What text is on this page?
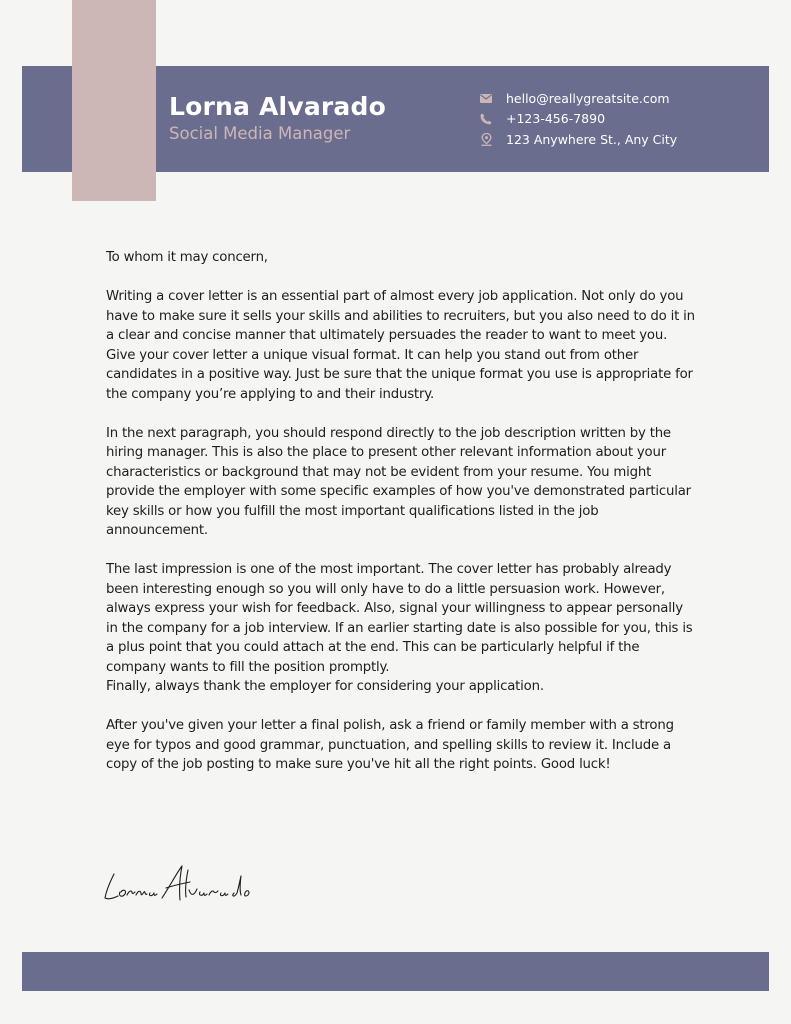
Lorna Alvarado
Social Media Manager
hello@reallygreatsite.com
+123-456-7890
123 Anywhere St., Any City

To whom it may concern,

Writing a cover letter is an essential part of almost every job application. Not only do you have to make sure it sells your skills and abilities to recruiters, but you also need to do it in a clear and concise manner that ultimately persuades the reader to want to meet you.

Give your cover letter a unique visual format. It can help you stand out from other candidates in a positive way. Just be sure that the unique format you use is appropriate for the company you’re applying to and their industry.

In the next paragraph, you should respond directly to the job description written by the hiring manager. This is also the place to present other relevant information about your characteristics or background that may not be evident from your resume. You might provide the employer with some specific examples of how you've demonstrated particular key skills or how you fulfill the most important qualifications listed in the job announcement.

The last impression is one of the most important. The cover letter has probably already been interesting enough so you will only have to do a little persuasion work. However, always express your wish for feedback. Also, signal your willingness to appear personally in the company for a job interview. If an earlier starting date is also possible for you, this is a plus point that you could attach at the end. This can be particularly helpful if the company wants to fill the position promptly.

Finally, always thank the employer for considering your application.

After you've given your letter a final polish, ask a friend or family member with a strong eye for typos and good grammar, punctuation, and spelling skills to review it. Include a copy of the job posting to make sure you've hit all the right points. Good luck!
